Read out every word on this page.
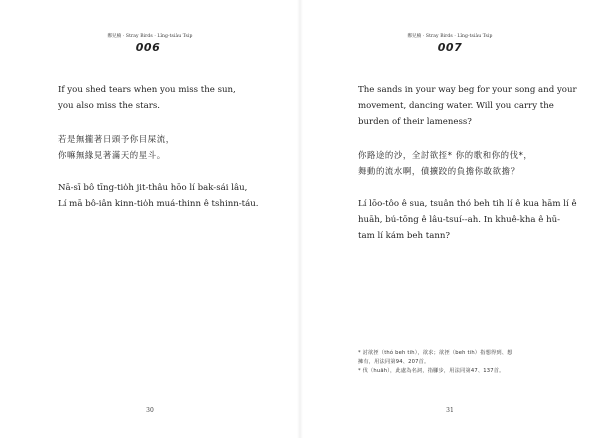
鄭兒楠 · Stray Birds · Lîng-tsiàu Tsip
006
If you shed tears when you miss the sun,
you also miss the stars.
若是無攏著日頭予你目屎流，
你嘛無緣見著滿天的星斗。
Nā-sī bô tīng-tio̍h jit-thâu hōo lí bak-sái lâu,
Lí mā bô-iân kinn-tio̍h muá-thinn ê tshinn-táu.
30
鄭兒楠 · Stray Birds · Lîng-tsiàu Tsip
007
The sands in your way beg for your song and your
movement, dancing water. Will you carry the
burden of their lameness?
你路途的沙，全討欲挃* 你的歌和你的伐*，
舞動的流水啊，僨擴跤的負擔你敢欲擔？
Lí lōo-tôo ê sua, tsuân thó beh tih lí ê kua hām lí ê
huāh, bú-tōng ê lâu-tsuí--ah. In khuê-kha ê hū-
tam lí kám beh tann?
* 討欲挃（thó beh tih），欲求；欲挃（beh tih）指想得到、想
擁有，用法同第94、207首。
* 伐（huāh），此處為名詞，指腳步，用法同第47、137首。
31
